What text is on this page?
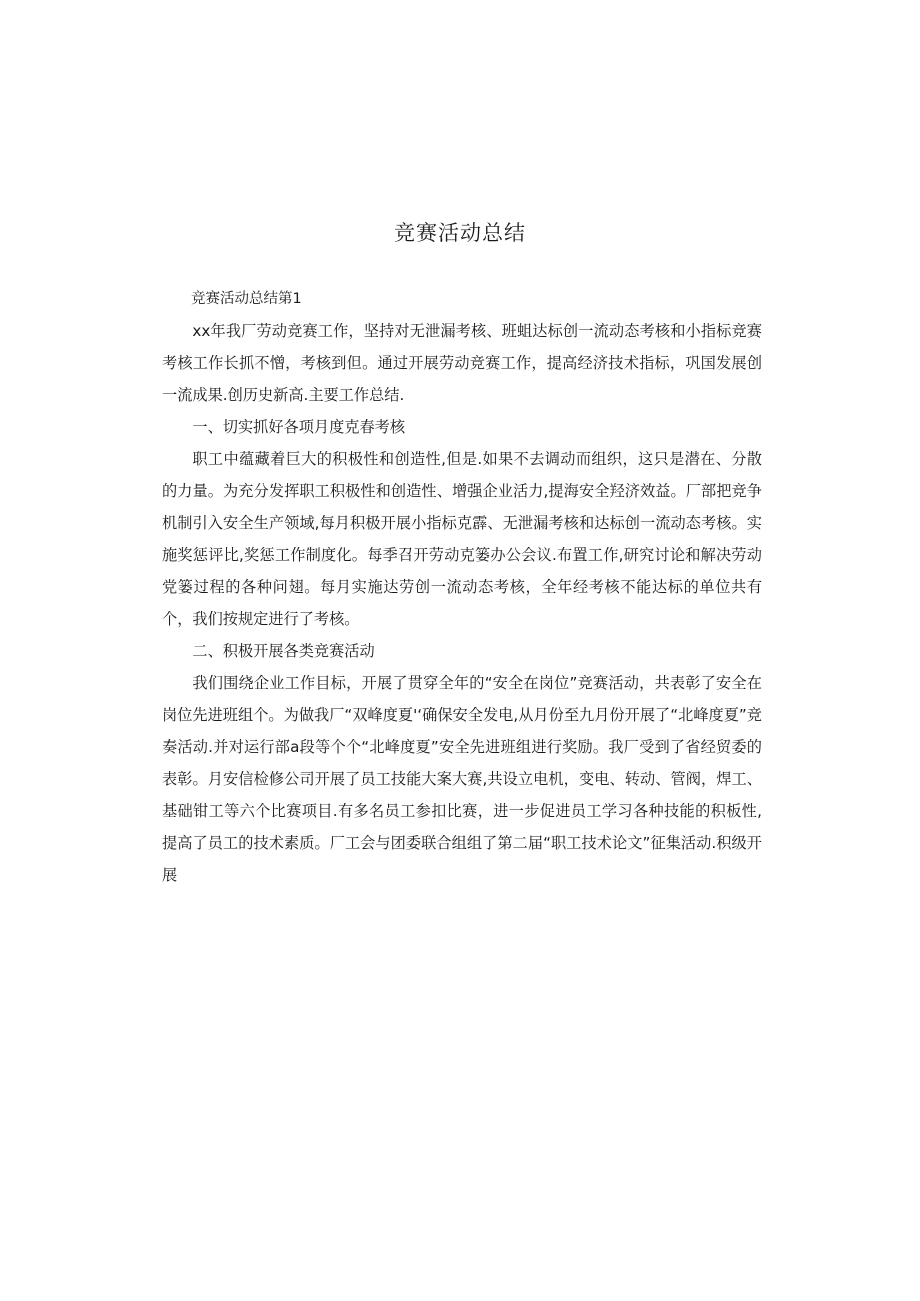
竞赛活动总结

竞赛活动总结第1

xx年我厂劳动竞赛工作，坚持对无泄漏考核、班蛆达标创一流动态考核和小指标竞赛考核工作长抓不憎，考核到但。通过开展劳动竞赛工作，提高经济技术指标，巩国发展创一流成果.创历史新高.主要工作总结.

一、切实抓好各项月度克春考核

职工中蕴藏着巨大的积极性和创造性,但是.如果不去调动而组织，这只是潜在、分散的力量。为充分发挥职工积极性和创造性、增强企业活力,提海安全羟济效益。厂部把竞争机制引入安全生产领域,每月积极开展小指标克霹、无泄漏考核和达标创一流动态考核。实施奖惩评比,奖惩工作制度化。每季召开劳动克篓办公会议.布置工作,研究讨论和解决劳动党篓过程的各种问翅。每月实施达劳创一流动态考核，全年经考核不能达标的单位共有个，我们按规定进行了考核。

二、积极开展各类竞赛活动

我们围绕企业工作目标，开展了贯穿全年的“安全在岗位”竞赛活动，共表彰了安全在岗位先进班组个。为做我厂“双峰度夏'‘确保安全发电,从月份至九月份开展了“北峰度夏”竞奏活动.并对运行部a段等个个“北峰度夏”安全先进班组进行奖励。我厂受到了省经贸委的表彰。月安信检修公司开展了员工技能大案大赛,共设立电机，变电、转动、管阀，焊工、基础钳工等六个比赛项目.有多名员工参扣比赛，进一步促进员工学习各种技能的积板性,提高了员工的技术素质。厂工会与团委联合组组了第二届“职工技术论文”征集活动.积级开展
